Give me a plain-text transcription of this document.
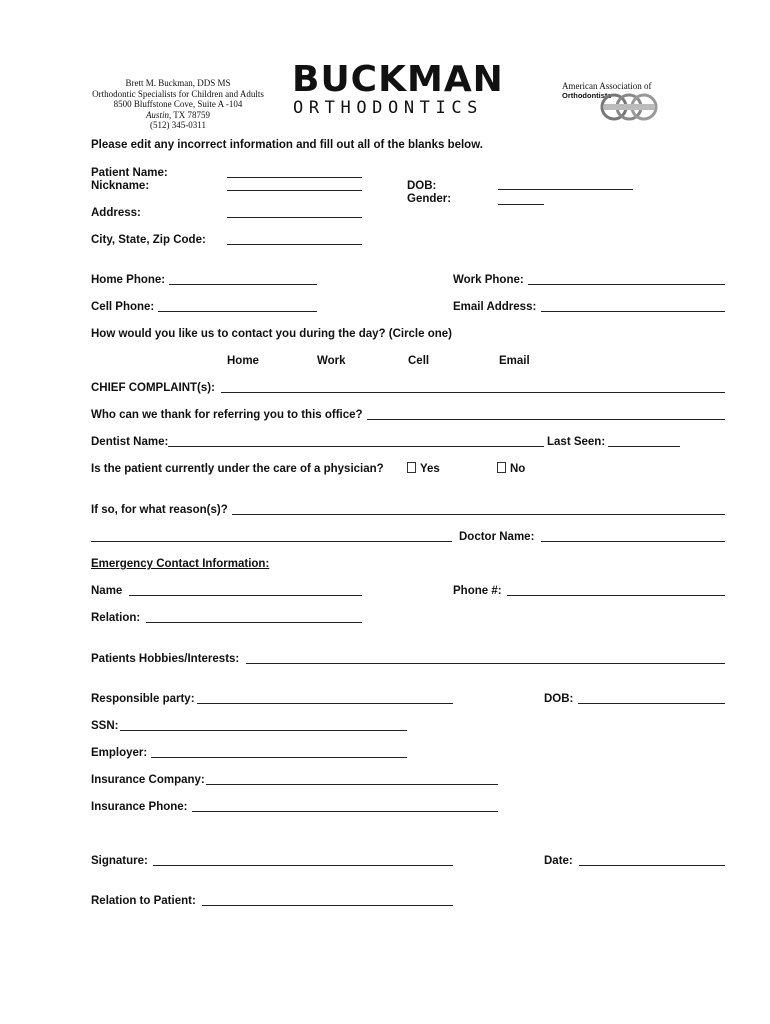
Brett M. Buckman, DDS MS
Orthodontic Specialists for Children and Adults
8500 Bluffstone Cove, Suite A -104
Austin, TX 78759
(512) 345-0311
BUCKMAN
ORTHODONTICS
American Association of
Orthodontists
Please edit any incorrect information and fill out all of the blanks below.
Patient Name:
Nickname:	DOB:
Gender:
Address:
City, State, Zip Code:
Home Phone:	Work Phone:
Cell Phone:	Email Address:
How would you like us to contact you during the day? (Circle one)
Home	Work	Cell	Email
CHIEF COMPLAINT(s):
Who can we thank for referring you to this office?
Dentist Name:	Last Seen:
Is the patient currently under the care of a physician?	Yes	No
If so, for what reason(s)?
Doctor Name:
Emergency Contact Information:
Name	Phone #:
Relation:
Patients Hobbies/Interests:
Responsible party:	DOB:
SSN:
Employer:
Insurance Company:
Insurance Phone:
Signature:	Date:
Relation to Patient:
